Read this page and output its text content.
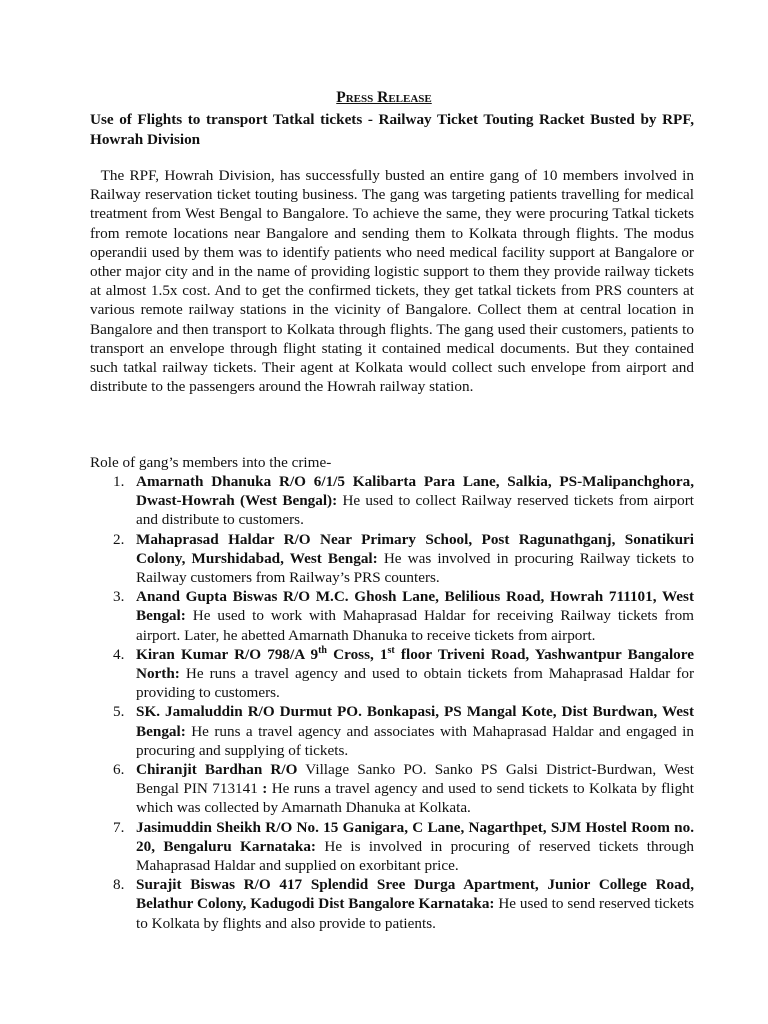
Press Release
Use of Flights to transport Tatkal tickets - Railway Ticket Touting Racket Busted by RPF, Howrah Division
The RPF, Howrah Division, has successfully busted an entire gang of 10 members involved in Railway reservation ticket touting business. The gang was targeting patients travelling for medical treatment from West Bengal to Bangalore. To achieve the same, they were procuring Tatkal tickets from remote locations near Bangalore and sending them to Kolkata through flights. The modus operandii used by them was to identify patients who need medical facility support at Bangalore or other major city and in the name of providing logistic support to them they provide railway tickets at almost 1.5x cost. And to get the confirmed tickets, they get tatkal tickets from PRS counters at various remote railway stations in the vicinity of Bangalore. Collect them at central location in Bangalore and then transport to Kolkata through flights. The gang used their customers, patients to transport an envelope through flight stating it contained medical documents. But they contained such tatkal railway tickets. Their agent at Kolkata would collect such envelope from airport and distribute to the passengers around the Howrah railway station.
Role of gang’s members into the crime-
1. Amarnath Dhanuka R/O 6/1/5 Kalibarta Para Lane, Salkia, PS-Malipanchghora, Dwast-Howrah (West Bengal): He used to collect Railway reserved tickets from airport and distribute to customers.
2. Mahaprasad Haldar R/O Near Primary School, Post Ragunathganj, Sonatikuri Colony, Murshidabad, West Bengal: He was involved in procuring Railway tickets to Railway customers from Railway’s PRS counters.
3. Anand Gupta Biswas R/O M.C. Ghosh Lane, Belilious Road, Howrah 711101, West Bengal: He used to work with Mahaprasad Haldar for receiving Railway tickets from airport. Later, he abetted Amarnath Dhanuka to receive tickets from airport.
4. Kiran Kumar R/O 798/A 9th Cross, 1st floor Triveni Road, Yashwantpur Bangalore North: He runs a travel agency and used to obtain tickets from Mahaprasad Haldar for providing to customers.
5. SK. Jamaluddin R/O Durmut PO. Bonkapasi, PS Mangal Kote, Dist Burdwan, West Bengal: He runs a travel agency and associates with Mahaprasad Haldar and engaged in procuring and supplying of tickets.
6. Chiranjit Bardhan R/O Village Sanko PO. Sanko PS Galsi District-Burdwan, West Bengal PIN 713141 : He runs a travel agency and used to send tickets to Kolkata by flight which was collected by Amarnath Dhanuka at Kolkata.
7. Jasimuddin Sheikh R/O No. 15 Ganigara, C Lane, Nagarthpet, SJM Hostel Room no. 20, Bengaluru Karnataka: He is involved in procuring of reserved tickets through Mahaprasad Haldar and supplied on exorbitant price.
8. Surajit Biswas R/O 417 Splendid Sree Durga Apartment, Junior College Road, Belathur Colony, Kadugodi Dist Bangalore Karnataka: He used to send reserved tickets to Kolkata by flights and also provide to patients.
